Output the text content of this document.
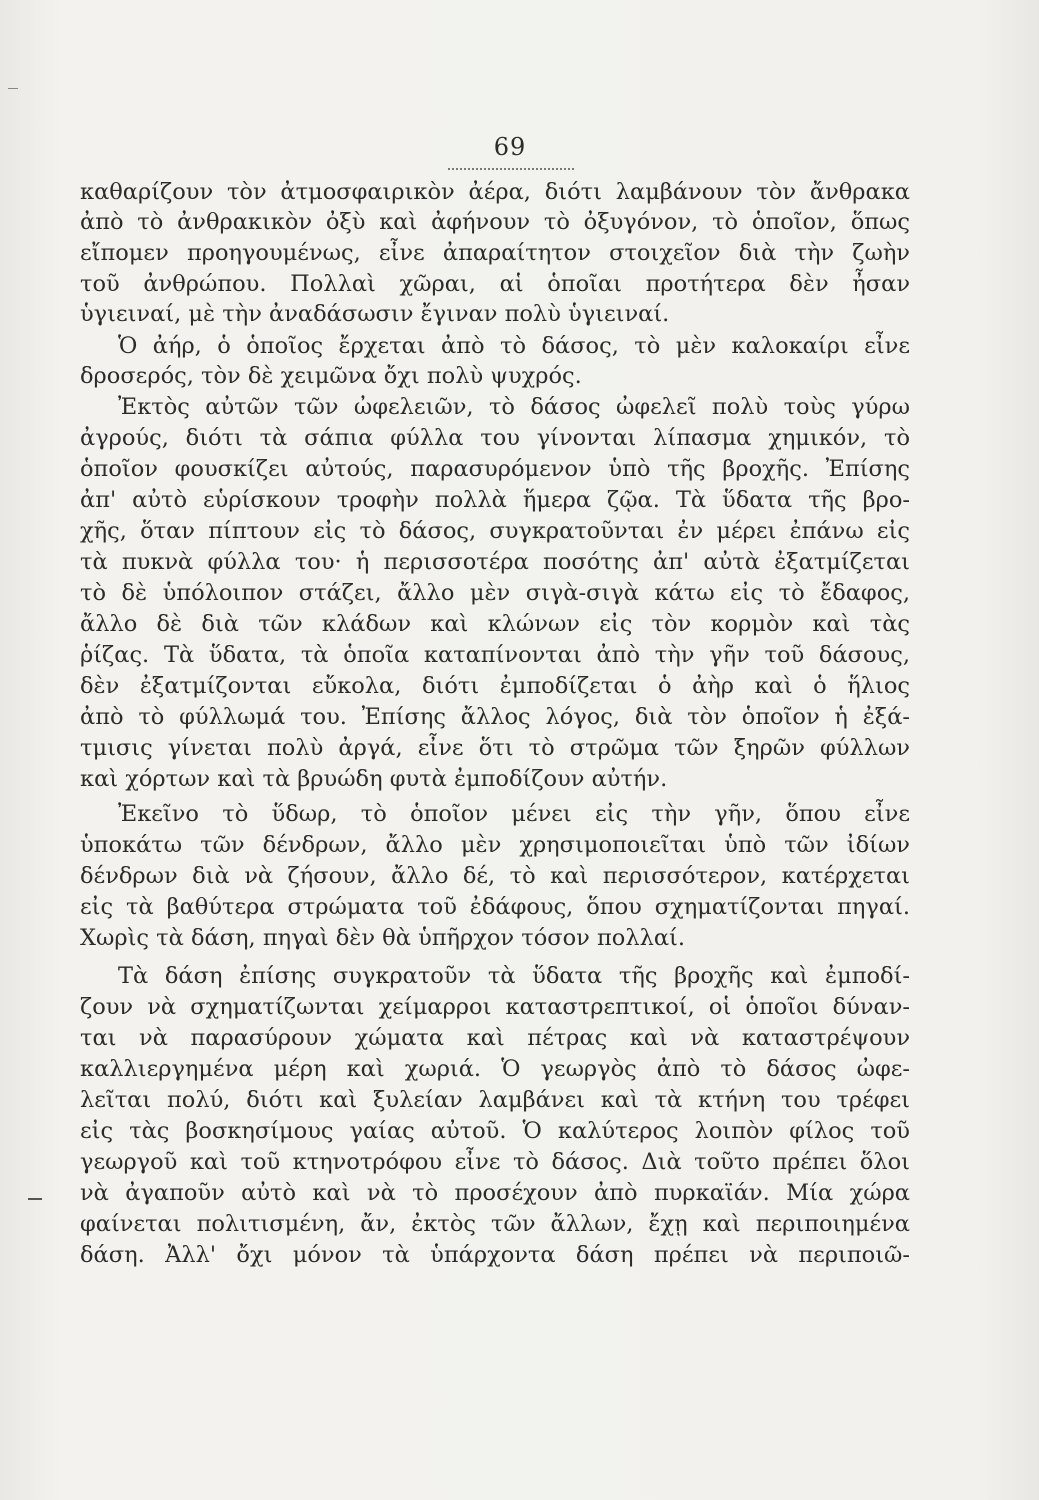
69
καθαρίζουν τὸν ἀτμοσφαιρικὸν ἀέρα, διότι λαμβάνουν τὸν ἄνθρακα
ἀπὸ τὸ ἀνθρακικὸν ὀξὺ καὶ ἀφήνουν τὸ ὀξυγόνον, τὸ ὁποῖον, ὅπως
εἴπομεν προηγουμένως, εἶνε ἀπαραίτητον στοιχεῖον διὰ τὴν ζωὴν
τοῦ ἀνθρώπου. Πολλαὶ χῶραι, αἱ ὁποῖαι προτήτερα δὲν ἦσαν
ὑγιειναί, μὲ τὴν ἀναδάσωσιν ἔγιναν πολὺ ὑγιειναί.
Ὁ ἀήρ, ὁ ὁποῖος ἔρχεται ἀπὸ τὸ δάσος, τὸ μὲν καλοκαίρι εἶνε
δροσερός, τὸν δὲ χειμῶνα ὄχι πολὺ ψυχρός.
Ἐκτὸς αὐτῶν τῶν ὠφελειῶν, τὸ δάσος ὠφελεῖ πολὺ τοὺς γύρω
ἀγρούς, διότι τὰ σάπια φύλλα του γίνονται λίπασμα χημικόν, τὸ
ὁποῖον φουσκίζει αὐτούς, παρασυρόμενον ὑπὸ τῆς βροχῆς. Ἐπίσης
ἀπ' αὐτὸ εὑρίσκουν τροφὴν πολλὰ ἥμερα ζῷα. Τὰ ὕδατα τῆς βρο-
χῆς, ὅταν πίπτουν εἰς τὸ δάσος, συγκρατοῦνται ἐν μέρει ἐπάνω εἰς
τὰ πυκνὰ φύλλα του· ἡ περισσοτέρα ποσότης ἀπ' αὐτὰ ἐξατμίζεται
τὸ δὲ ὑπόλοιπον στάζει, ἄλλο μὲν σιγὰ-σιγὰ κάτω εἰς τὸ ἔδαφος,
ἄλλο δὲ διὰ τῶν κλάδων καὶ κλώνων εἰς τὸν κορμὸν καὶ τὰς
ῥίζας. Τὰ ὕδατα, τὰ ὁποῖα καταπίνονται ἀπὸ τὴν γῆν τοῦ δάσους,
δὲν ἐξατμίζονται εὔκολα, διότι ἐμποδίζεται ὁ ἀὴρ καὶ ὁ ἥλιος
ἀπὸ τὸ φύλλωμά του. Ἐπίσης ἄλλος λόγος, διὰ τὸν ὁποῖον ἡ ἐξά-
τμισις γίνεται πολὺ ἀργά, εἶνε ὅτι τὸ στρῶμα τῶν ξηρῶν φύλλων
καὶ χόρτων καὶ τὰ βρυώδη φυτὰ ἐμποδίζουν αὐτήν.
Ἐκεῖνο τὸ ὕδωρ, τὸ ὁποῖον μένει εἰς τὴν γῆν, ὅπου εἶνε
ὑποκάτω τῶν δένδρων, ἄλλο μὲν χρησιμοποιεῖται ὑπὸ τῶν ἰδίων
δένδρων διὰ νὰ ζήσουν, ἄλλο δέ, τὸ καὶ περισσότερον, κατέρχεται
εἰς τὰ βαθύτερα στρώματα τοῦ ἐδάφους, ὅπου σχηματίζονται πηγαί.
Χωρὶς τὰ δάση, πηγαὶ δὲν θὰ ὑπῆρχον τόσον πολλαί.
Τὰ δάση ἐπίσης συγκρατοῦν τὰ ὕδατα τῆς βροχῆς καὶ ἐμποδί-
ζουν νὰ σχηματίζωνται χείμαρροι καταστρεπτικοί, οἱ ὁποῖοι δύναν-
ται νὰ παρασύρουν χώματα καὶ πέτρας καὶ νὰ καταστρέψουν
καλλιεργημένα μέρη καὶ χωριά. Ὁ γεωργὸς ἀπὸ τὸ δάσος ὠφε-
λεῖται πολύ, διότι καὶ ξυλείαν λαμβάνει καὶ τὰ κτήνη του τρέφει
εἰς τὰς βοσκησίμους γαίας αὐτοῦ. Ὁ καλύτερος λοιπὸν φίλος τοῦ
γεωργοῦ καὶ τοῦ κτηνοτρόφου εἶνε τὸ δάσος. Διὰ τοῦτο πρέπει ὅλοι
νὰ ἀγαποῦν αὐτὸ καὶ νὰ τὸ προσέχουν ἀπὸ πυρκαϊάν. Μία χώρα
φαίνεται πολιτισμένη, ἄν, ἐκτὸς τῶν ἄλλων, ἔχῃ καὶ περιποιημένα
δάση. Ἀλλ' ὄχι μόνον τὰ ὑπάρχοντα δάση πρέπει νὰ περιποιῶ-
